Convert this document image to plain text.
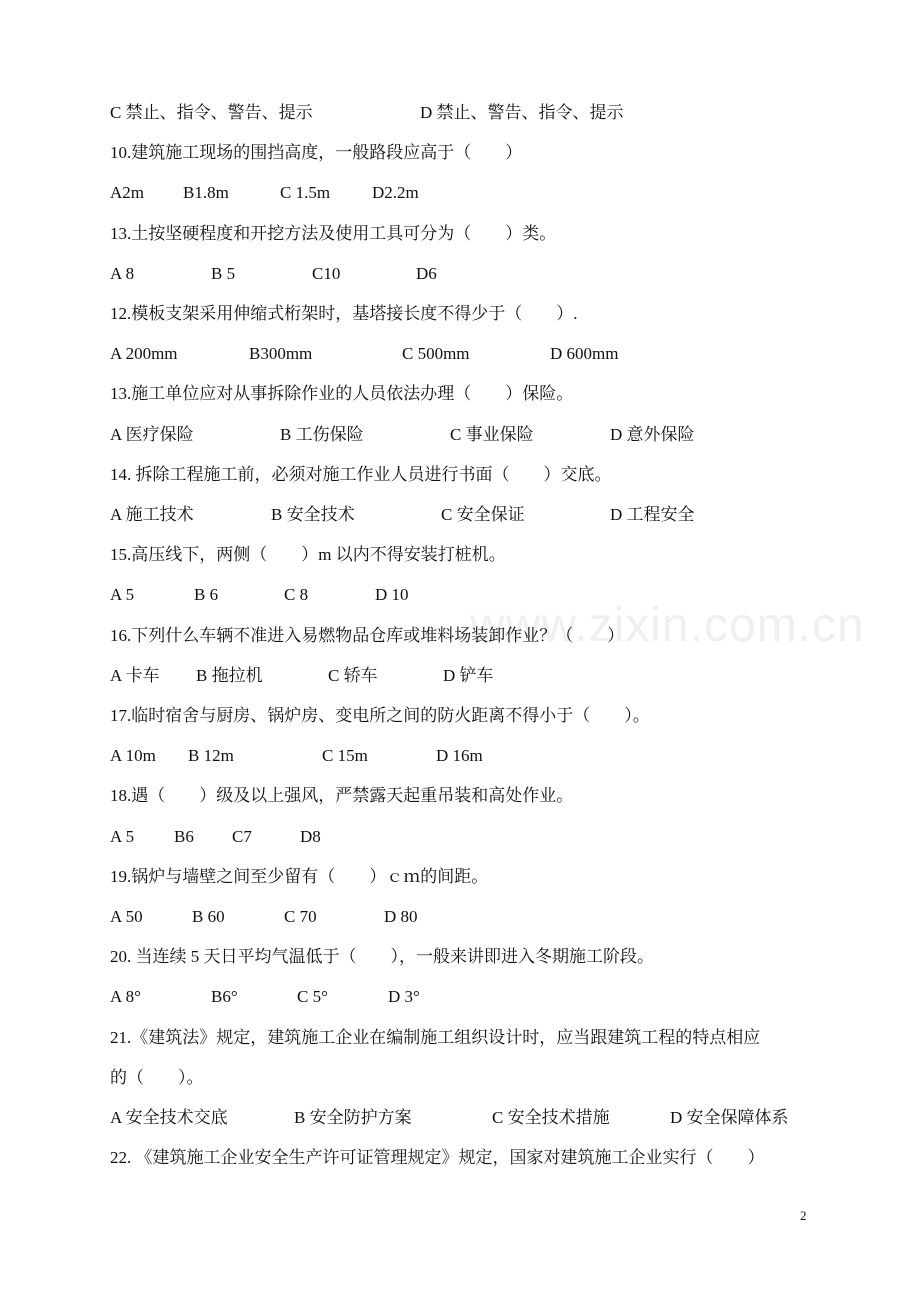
www.zixin.com.cn
C 禁止、指令、警告、提示	D 禁止、警告、指令、提示
10.建筑施工现场的围挡高度，一般路段应高于（　　）
A2m B1.8m	C 1.5m D2.2m
13.土按坚硬程度和开挖方法及使用工具可分为（　　）类。
A 8	B 5	C10	D6
12.模板支架采用伸缩式桁架时，基塔接长度不得少于（　　）.
A 200mm	B300mm	C 500mm	D 600mm
13.施工单位应对从事拆除作业的人员依法办理（　　）保险。
A 医疗保险	B 工伤保险	C 事业保险	D 意外保险
14. 拆除工程施工前，必须对施工作业人员进行书面（　　）交底。
A 施工技术	B 安全技术	C 安全保证	D 工程安全
15.高压线下，两侧（　　）m 以内不得安装打桩机。
A 5	B 6	C 8	D 10
16.下列什么车辆不准进入易燃物品仓库或堆料场装卸作业？（　　）
A 卡车 B 拖拉机	C 轿车	D 铲车
17.临时宿舍与厨房、锅炉房、变电所之间的防火距离不得小于（　　）。
A 10m B 12m	C 15m	D 16m
18.遇（　　）级及以上强风，严禁露天起重吊装和高处作业。
A 5 B6 C7	D8
19.锅炉与墙壁之间至少留有（　　）ｃｍ的间距。
A 50	B 60	C 70	D 80
20. 当连续 5 天日平均气温低于（　　），一般来讲即进入冬期施工阶段。
A 8°	B6°	C 5°	D 3°
21.《建筑法》规定，建筑施工企业在编制施工组织设计时，应当跟建筑工程的特点相应
的（　　）。
A 安全技术交底	B 安全防护方案	C 安全技术措施	D 安全保障体系
22. 《建筑施工企业安全生产许可证管理规定》规定，国家对建筑施工企业实行（　　）
2
